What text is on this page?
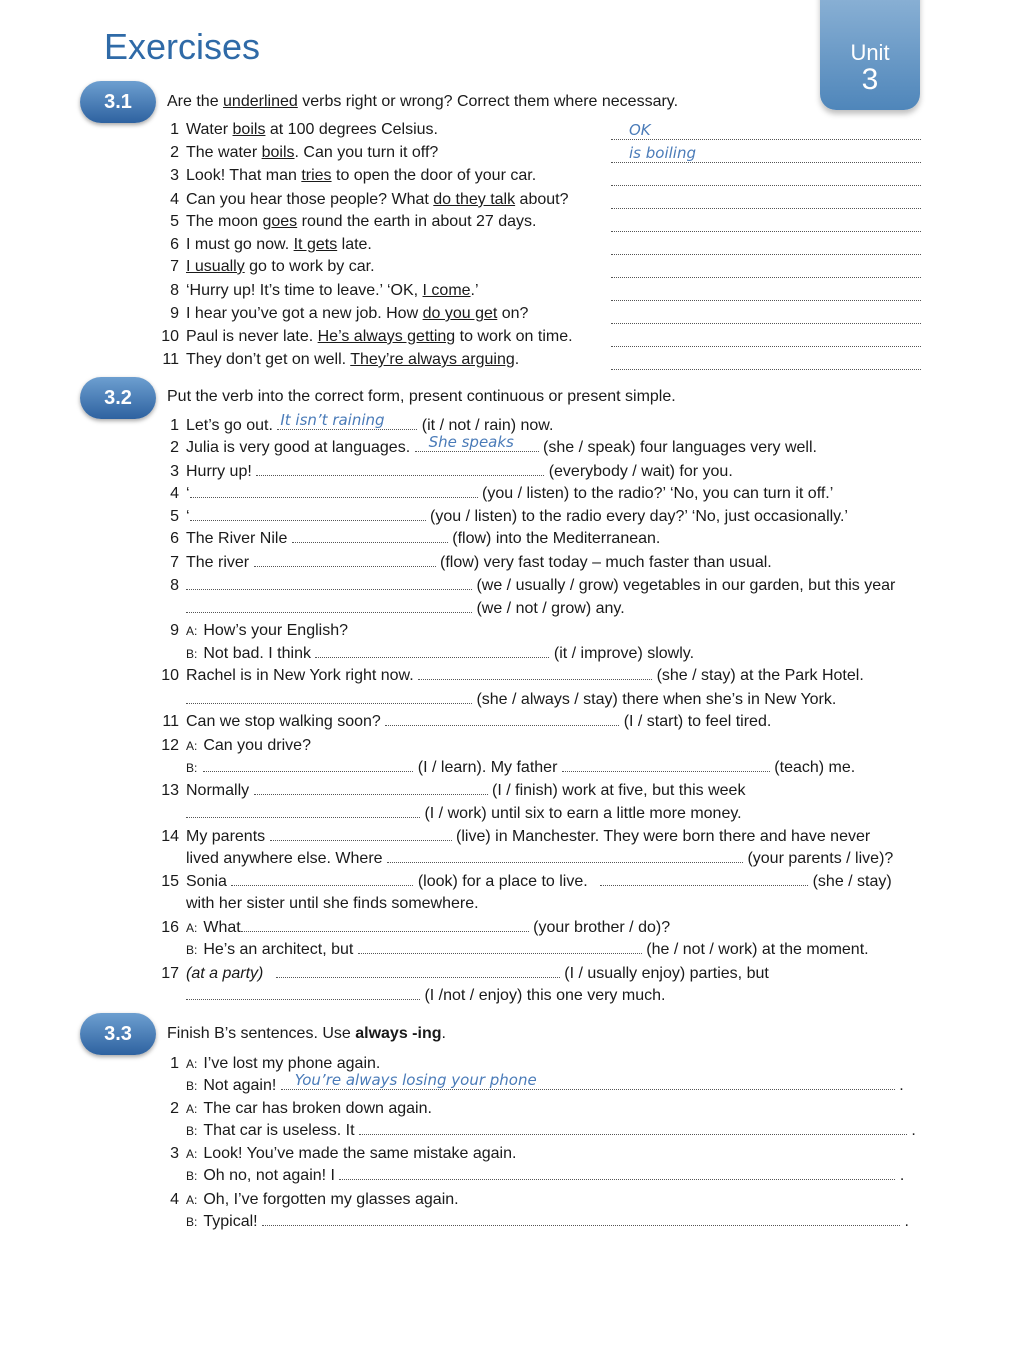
Exercises	Unit
3
3.1	Are the underlined verbs right or wrong? Correct them where necessary.
1 Water boils at 100 degrees Celsius.	OK
2 The water boils. Can you turn it off?	is boiling
3 Look! That man tries to open the door of your car.
4 Can you hear those people? What do they talk about?
5 The moon goes round the earth in about 27 days.
6 I must go now. It gets late.
7 I usually go to work by car.
8 ‘Hurry up! It’s time to leave.’ ‘OK, I come.’
9 I hear you’ve got a new job. How do you get on?
10 Paul is never late. He’s always getting to work on time.
11 They don’t get on well. They’re always arguing.
3.2	Put the verb into the correct form, present continuous or present simple.
1 Let’s go out. It isn’t raining (it / not / rain) now.
2 Julia is very good at languages. She speaks (she / speak) four languages very well.
3 Hurry up!	(everybody / wait) for you.
4 ‘	(you / listen) to the radio?’ ‘No, you can turn it off.’
5 ‘	(you / listen) to the radio every day?’ ‘No, just occasionally.’
6 The River Nile	(flow) into the Mediterranean.
7 The river	(flow) very fast today – much faster than usual.
8	(we / usually / grow) vegetables in our garden, but this year
(we / not / grow) any.
9 A: How’s your English?
B: Not bad. I think	(it / improve) slowly.
10 Rachel is in New York right now.	(she / stay) at the Park Hotel.
(she / always / stay) there when she’s in New York.
11 Can we stop walking soon?	(I / start) to feel tired.
12 A: Can you drive?
B:	(I / learn). My father	(teach) me.
13 Normally	(I / finish) work at five, but this week
(I / work) until six to earn a little more money.
14 My parents	(live) in Manchester. They were born there and have never
lived anywhere else. Where	(your parents / live)?
15 Sonia	(look) for a place to live.	(she / stay)
with her sister until she finds somewhere.
16 A: What	(your brother / do)?
B: He’s an architect, but	(he / not / work) at the moment.
17 (at a party)	(I / usually enjoy) parties, but
(I /not / enjoy) this one very much.
3.3	Finish B’s sentences. Use always -ing.
1 A: I’ve lost my phone again.
B: Not again! You’re always losing your phone	.
2 A: The car has broken down again.
B: That car is useless. It	.
3 A: Look! You’ve made the same mistake again.
B: Oh no, not again! I	.
4 A: Oh, I’ve forgotten my glasses again.
B: Typical!	.
